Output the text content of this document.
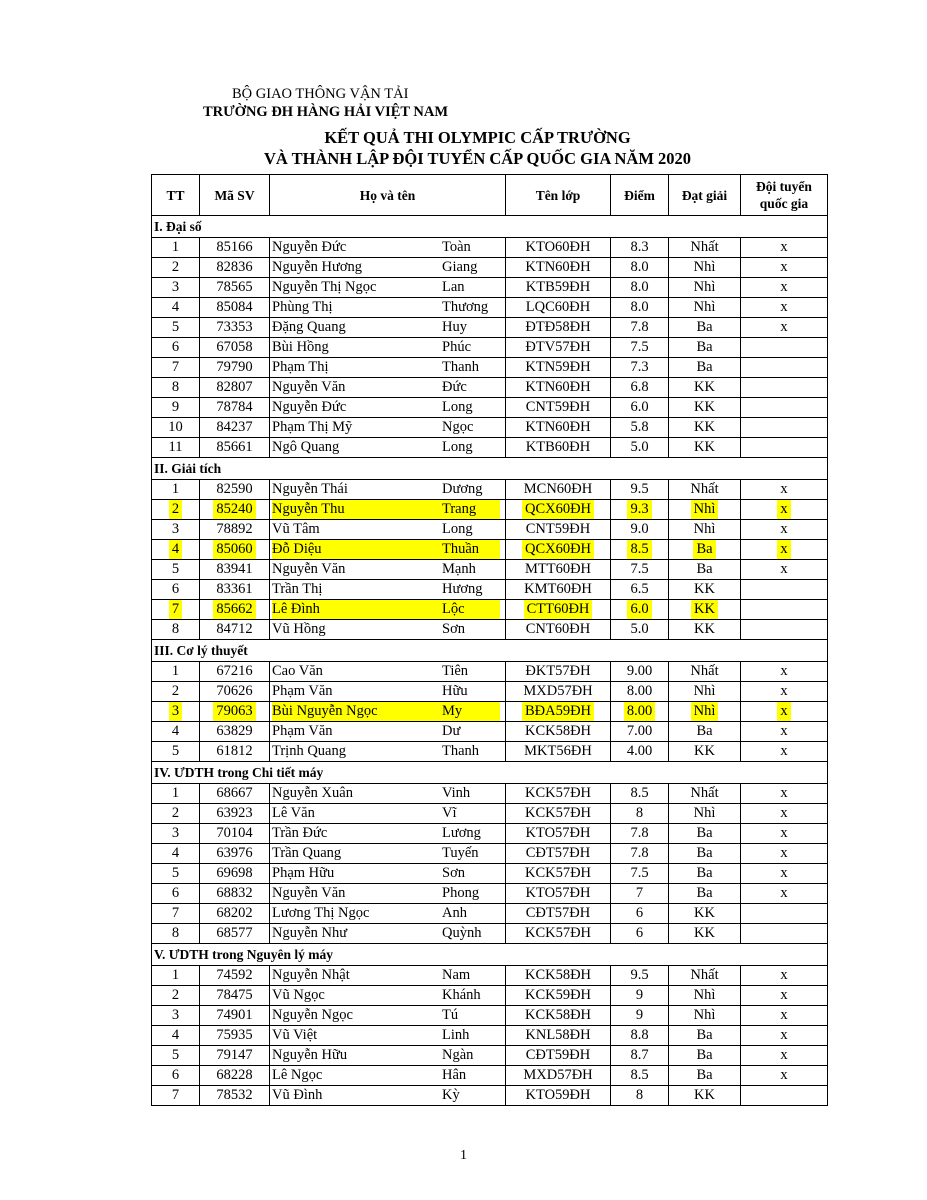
BỘ GIAO THÔNG VẬN TẢI
TRƯỜNG ĐH HÀNG HẢI VIỆT NAM
KẾT QUẢ THI OLYMPIC CẤP TRƯỜNG
VÀ THÀNH LẬP ĐỘI TUYỂN CẤP QUỐC GIA NĂM 2020
TT	Mã SV	Họ và tên	Tên lớp	Điểm	Đạt giải	Đội tuyển
quốc gia
I. Đại số						
1	85166	Nguyễn Đức Toàn	KTO60ĐH	8.3	Nhất	x
2	82836	Nguyễn Hương Giang	KTN60ĐH	8.0	Nhì	x
3	78565	Nguyễn Thị Ngọc Lan	KTB59ĐH	8.0	Nhì	x
4	85084	Phùng Thị Thương	LQC60ĐH	8.0	Nhì	x
5	73353	Đặng Quang Huy	ĐTĐ58ĐH	7.8	Ba	x
6	67058	Bùi Hồng Phúc	ĐTV57ĐH	7.5	Ba	
7	79790	Phạm Thị Thanh	KTN59ĐH	7.3	Ba	
8	82807	Nguyễn Văn Đức	KTN60ĐH	6.8	KK	
9	78784	Nguyễn Đức Long	CNT59ĐH	6.0	KK	
10	84237	Phạm Thị Mỹ Ngọc	KTN60ĐH	5.8	KK	
11	85661	Ngô Quang Long	KTB60ĐH	5.0	KK	
II. Giải tích						
1	82590	Nguyễn Thái Dương	MCN60ĐH	9.5	Nhất	x
2	85240	Nguyễn Thu Trang	QCX60ĐH	9.3	Nhì	x
3	78892	Vũ Tâm Long	CNT59ĐH	9.0	Nhì	x
4	85060	Đỗ Diệu Thuần	QCX60ĐH	8.5	Ba	x
5	83941	Nguyễn Văn Mạnh	MTT60ĐH	7.5	Ba	x
6	83361	Trần Thị Hương	KMT60ĐH	6.5	KK	
7	85662	Lê Đình Lộc	CTT60ĐH	6.0	KK	
8	84712	Vũ Hồng Sơn	CNT60ĐH	5.0	KK	
III. Cơ lý thuyết						
1	67216	Cao Văn Tiên	ĐKT57ĐH	9.00	Nhất	x
2	70626	Phạm Văn Hữu	MXD57ĐH	8.00	Nhì	x
3	79063	Bùi Nguyễn Ngọc My	BĐA59ĐH	8.00	Nhì	x
4	63829	Phạm Văn Dư	KCK58ĐH	7.00	Ba	x
5	61812	Trịnh Quang Thanh	MKT56ĐH	4.00	KK	x
IV. ƯDTH trong Chi tiết máy						
1	68667	Nguyễn Xuân Vinh	KCK57ĐH	8.5	Nhất	x
2	63923	Lê Văn Vĩ	KCK57ĐH	8	Nhì	x
3	70104	Trần Đức Lương	KTO57ĐH	7.8	Ba	x
4	63976	Trần Quang Tuyến	CĐT57ĐH	7.8	Ba	x
5	69698	Phạm Hữu Sơn	KCK57ĐH	7.5	Ba	x
6	68832	Nguyễn Văn Phong	KTO57ĐH	7	Ba	x
7	68202	Lương Thị Ngọc Anh	CĐT57ĐH	6	KK	
8	68577	Nguyễn Như Quỳnh	KCK57ĐH	6	KK	
V. ƯDTH trong Nguyên lý máy						
1	74592	Nguyễn Nhật Nam	KCK58ĐH	9.5	Nhất	x
2	78475	Vũ Ngọc Khánh	KCK59ĐH	9	Nhì	x
3	74901	Nguyễn Ngọc Tú	KCK58ĐH	9	Nhì	x
4	75935	Vũ Việt Linh	KNL58ĐH	8.8	Ba	x
5	79147	Nguyễn Hữu Ngàn	CĐT59ĐH	8.7	Ba	x
6	68228	Lê Ngọc Hân	MXD57ĐH	8.5	Ba	x
7	78532	Vũ Đình Kỳ	KTO59ĐH	8	KK	
1
